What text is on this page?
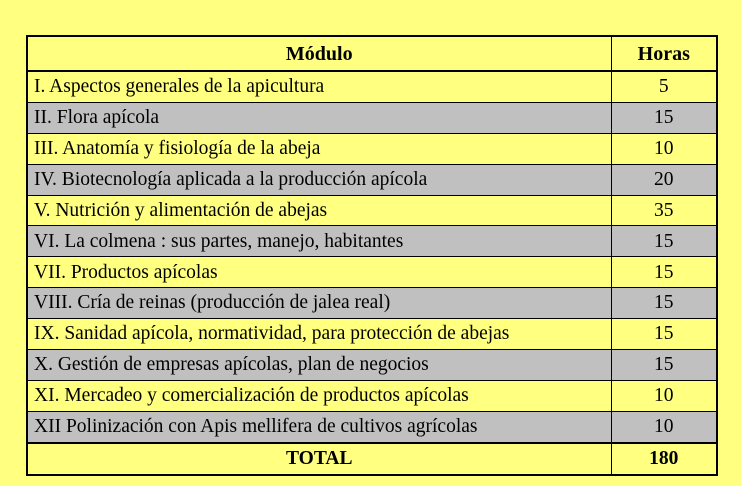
Módulo	Horas
I. Aspectos generales de la apicultura	5
II. Flora apícola	15
III. Anatomía y fisiología de la abeja	10
IV. Biotecnología aplicada a la producción apícola	20
V. Nutrición y alimentación de abejas	35
VI. La colmena : sus partes, manejo, habitantes	15
VII. Productos apícolas	15
VIII. Cría de reinas (producción de jalea real)	15
IX. Sanidad apícola, normatividad, para protección de abejas	15
X. Gestión de empresas apícolas, plan de negocios	15
XI. Mercadeo y comercialización de productos apícolas	10
XII Polinización con Apis mellifera de cultivos agrícolas	10
TOTAL	180
